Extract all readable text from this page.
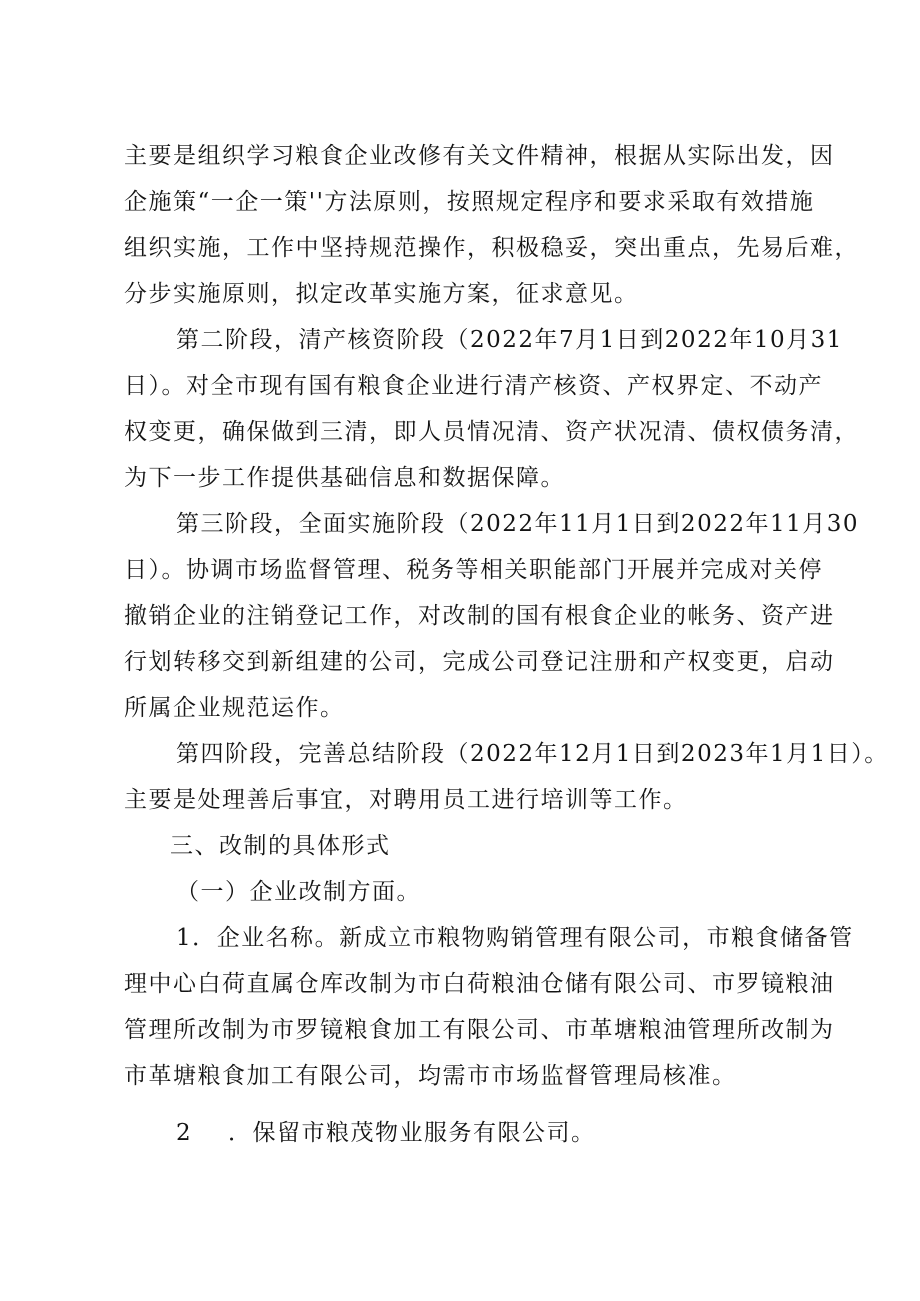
主要是组织学习粮食企业改修有关文件精神，根据从实际出发，因
企施策“一企一策''方法原则，按照规定程序和要求采取有效措施
组织实施，工作中坚持规范操作，积极稳妥，突出重点，先易后难，
分步实施原则，拟定改革实施方案，征求意见。
第二阶段，清产核资阶段（2022年7月1日到2022年10月31
日）。对全市现有国有粮食企业进行清产核资、产权界定、不动产
权变更，确保做到三清，即人员情况清、资产状况清、债权债务清，
为下一步工作提供基础信息和数据保障。
第三阶段，全面实施阶段（2022年11月1日到2022年11月30
日）。协调市场监督管理、税务等相关职能部门开展并完成对关停
撤销企业的注销登记工作，对改制的国有根食企业的帐务、资产进
行划转移交到新组建的公司，完成公司登记注册和产权变更，启动
所属企业规范运作。
第四阶段，完善总结阶段（2022年12月1日到2023年1月1日）。
主要是处理善后事宜，对聘用员工进行培训等工作。
三、改制的具体形式
（一）企业改制方面。
1．企业名称。新成立市粮物购销管理有限公司，市粮食储备管
理中心白荷直属仓库改制为市白荷粮油仓储有限公司、市罗镜粮油
管理所改制为市罗镜粮食加工有限公司、市革塘粮油管理所改制为
市革塘粮食加工有限公司，均需市市场监督管理局核准。
2 ．保留市粮茂物业服务有限公司。
